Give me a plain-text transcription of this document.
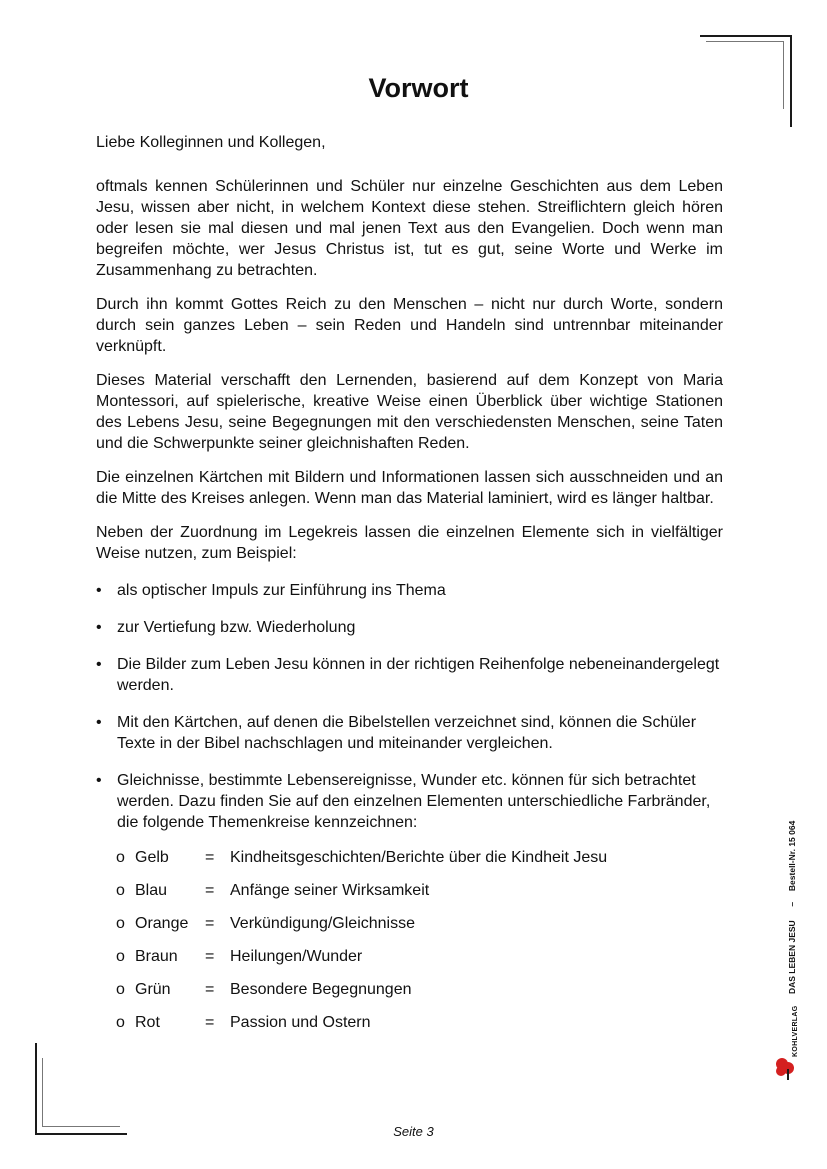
Vorwort

Liebe Kolleginnen und Kollegen,

oftmals kennen Schülerinnen und Schüler nur einzelne Geschichten aus dem Leben Jesu, wissen aber nicht, in welchem Kontext diese stehen. Streiflichtern gleich hören oder lesen sie mal diesen und mal jenen Text aus den Evangelien. Doch wenn man begreifen möchte, wer Jesus Christus ist, tut es gut, seine Worte und Werke im Zusammenhang zu betrachten.

Durch ihn kommt Gottes Reich zu den Menschen – nicht nur durch Worte, sondern durch sein ganzes Leben – sein Reden und Handeln sind untrennbar miteinander verknüpft.

Dieses Material verschafft den Lernenden, basierend auf dem Konzept von Maria Montessori, auf spielerische, kreative Weise einen Überblick über wichtige Stationen des Lebens Jesu, seine Begegnungen mit den verschiedensten Menschen, seine Taten und die Schwerpunkte seiner gleichnishaften Reden.

Die einzelnen Kärtchen mit Bildern und Informationen lassen sich ausschneiden und an die Mitte des Kreises anlegen. Wenn man das Material laminiert, wird es länger haltbar.

Neben der Zuordnung im Legekreis lassen die einzelnen Elemente sich in vielfältiger Weise nutzen, zum Beispiel:

• als optischer Impuls zur Einführung ins Thema
• zur Vertiefung bzw. Wiederholung
• Die Bilder zum Leben Jesu können in der richtigen Reihenfolge nebeneinandergelegt werden.
• Mit den Kärtchen, auf denen die Bibelstellen verzeichnet sind, können die Schüler Texte in der Bibel nachschlagen und miteinander vergleichen.
• Gleichnisse, bestimmte Lebensereignisse, Wunder etc. können für sich betrachtet werden. Dazu finden Sie auf den einzelnen Elementen unterschiedliche Farbränder, die folgende Themenkreise kennzeichnen:
o Gelb	= Kindheitsgeschichten/Berichte über die Kindheit Jesu
o Blau	= Anfänge seiner Wirksamkeit
o Orange	= Verkündigung/Gleichnisse
o Braun	= Heilungen/Wunder
o Grün	= Besondere Begegnungen
o Rot	= Passion und Ostern
DAS LEBEN JESU  –  Bestell-Nr. 15 064
KOHLVERLAG
Seite 3
